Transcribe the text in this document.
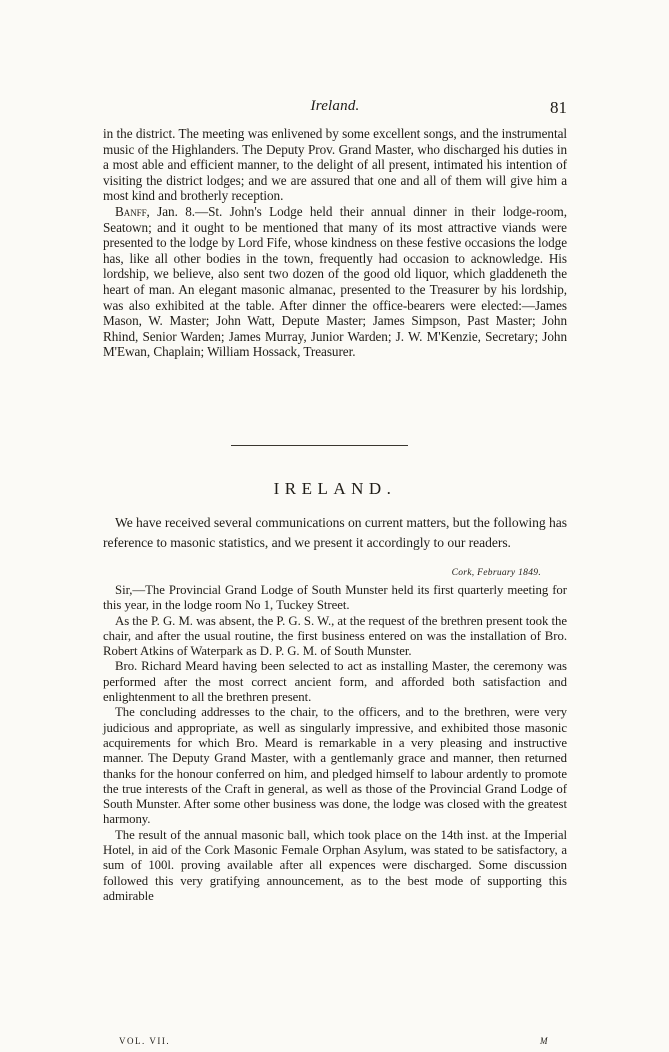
Ireland.	81

in the district. The meeting was enlivened by some excellent songs, and the instrumental music of the Highlanders. The Deputy Prov. Grand Master, who discharged his duties in a most able and efficient manner, to the delight of all present, intimated his intention of visiting the district lodges; and we are assured that one and all of them will give him a most kind and brotherly reception.

Banff, Jan. 8.—St. John's Lodge held their annual dinner in their lodge-room, Seatown; and it ought to be mentioned that many of its most attractive viands were presented to the lodge by Lord Fife, whose kindness on these festive occasions the lodge has, like all other bodies in the town, frequently had occasion to acknowledge. His lordship, we believe, also sent two dozen of the good old liquor, which gladdeneth the heart of man. An elegant masonic almanac, presented to the Treasurer by his lordship, was also exhibited at the table. After dinner the office-bearers were elected:—James Mason, W. Master; John Watt, Depute Master; James Simpson, Past Master; John Rhind, Senior Warden; James Murray, Junior Warden; J. W. M'Kenzie, Secretary; John M'Ewan, Chaplain; William Hossack, Treasurer.

IRELAND.

We have received several communications on current matters, but the following has reference to masonic statistics, and we present it accordingly to our readers.

Cork, February 1849.

Sir,—The Provincial Grand Lodge of South Munster held its first quarterly meeting for this year, in the lodge room No 1, Tuckey Street.

As the P. G. M. was absent, the P. G. S. W., at the request of the brethren present took the chair, and after the usual routine, the first business entered on was the installation of Bro. Robert Atkins of Waterpark as D. P. G. M. of South Munster.

Bro. Richard Meard having been selected to act as installing Master, the ceremony was performed after the most correct ancient form, and afforded both satisfaction and enlightenment to all the brethren present.

The concluding addresses to the chair, to the officers, and to the brethren, were very judicious and appropriate, as well as singularly impressive, and exhibited those masonic acquirements for which Bro. Meard is remarkable in a very pleasing and instructive manner. The Deputy Grand Master, with a gentlemanly grace and manner, then returned thanks for the honour conferred on him, and pledged himself to labour ardently to promote the true interests of the Craft in general, as well as those of the Provincial Grand Lodge of South Munster. After some other business was done, the lodge was closed with the greatest harmony.

The result of the annual masonic ball, which took place on the 14th inst. at the Imperial Hotel, in aid of the Cork Masonic Female Orphan Asylum, was stated to be satisfactory, a sum of 100l. proving available after all expences were discharged. Some discussion followed this very gratifying announcement, as to the best mode of supporting this admirable

VOL. VII.	M
